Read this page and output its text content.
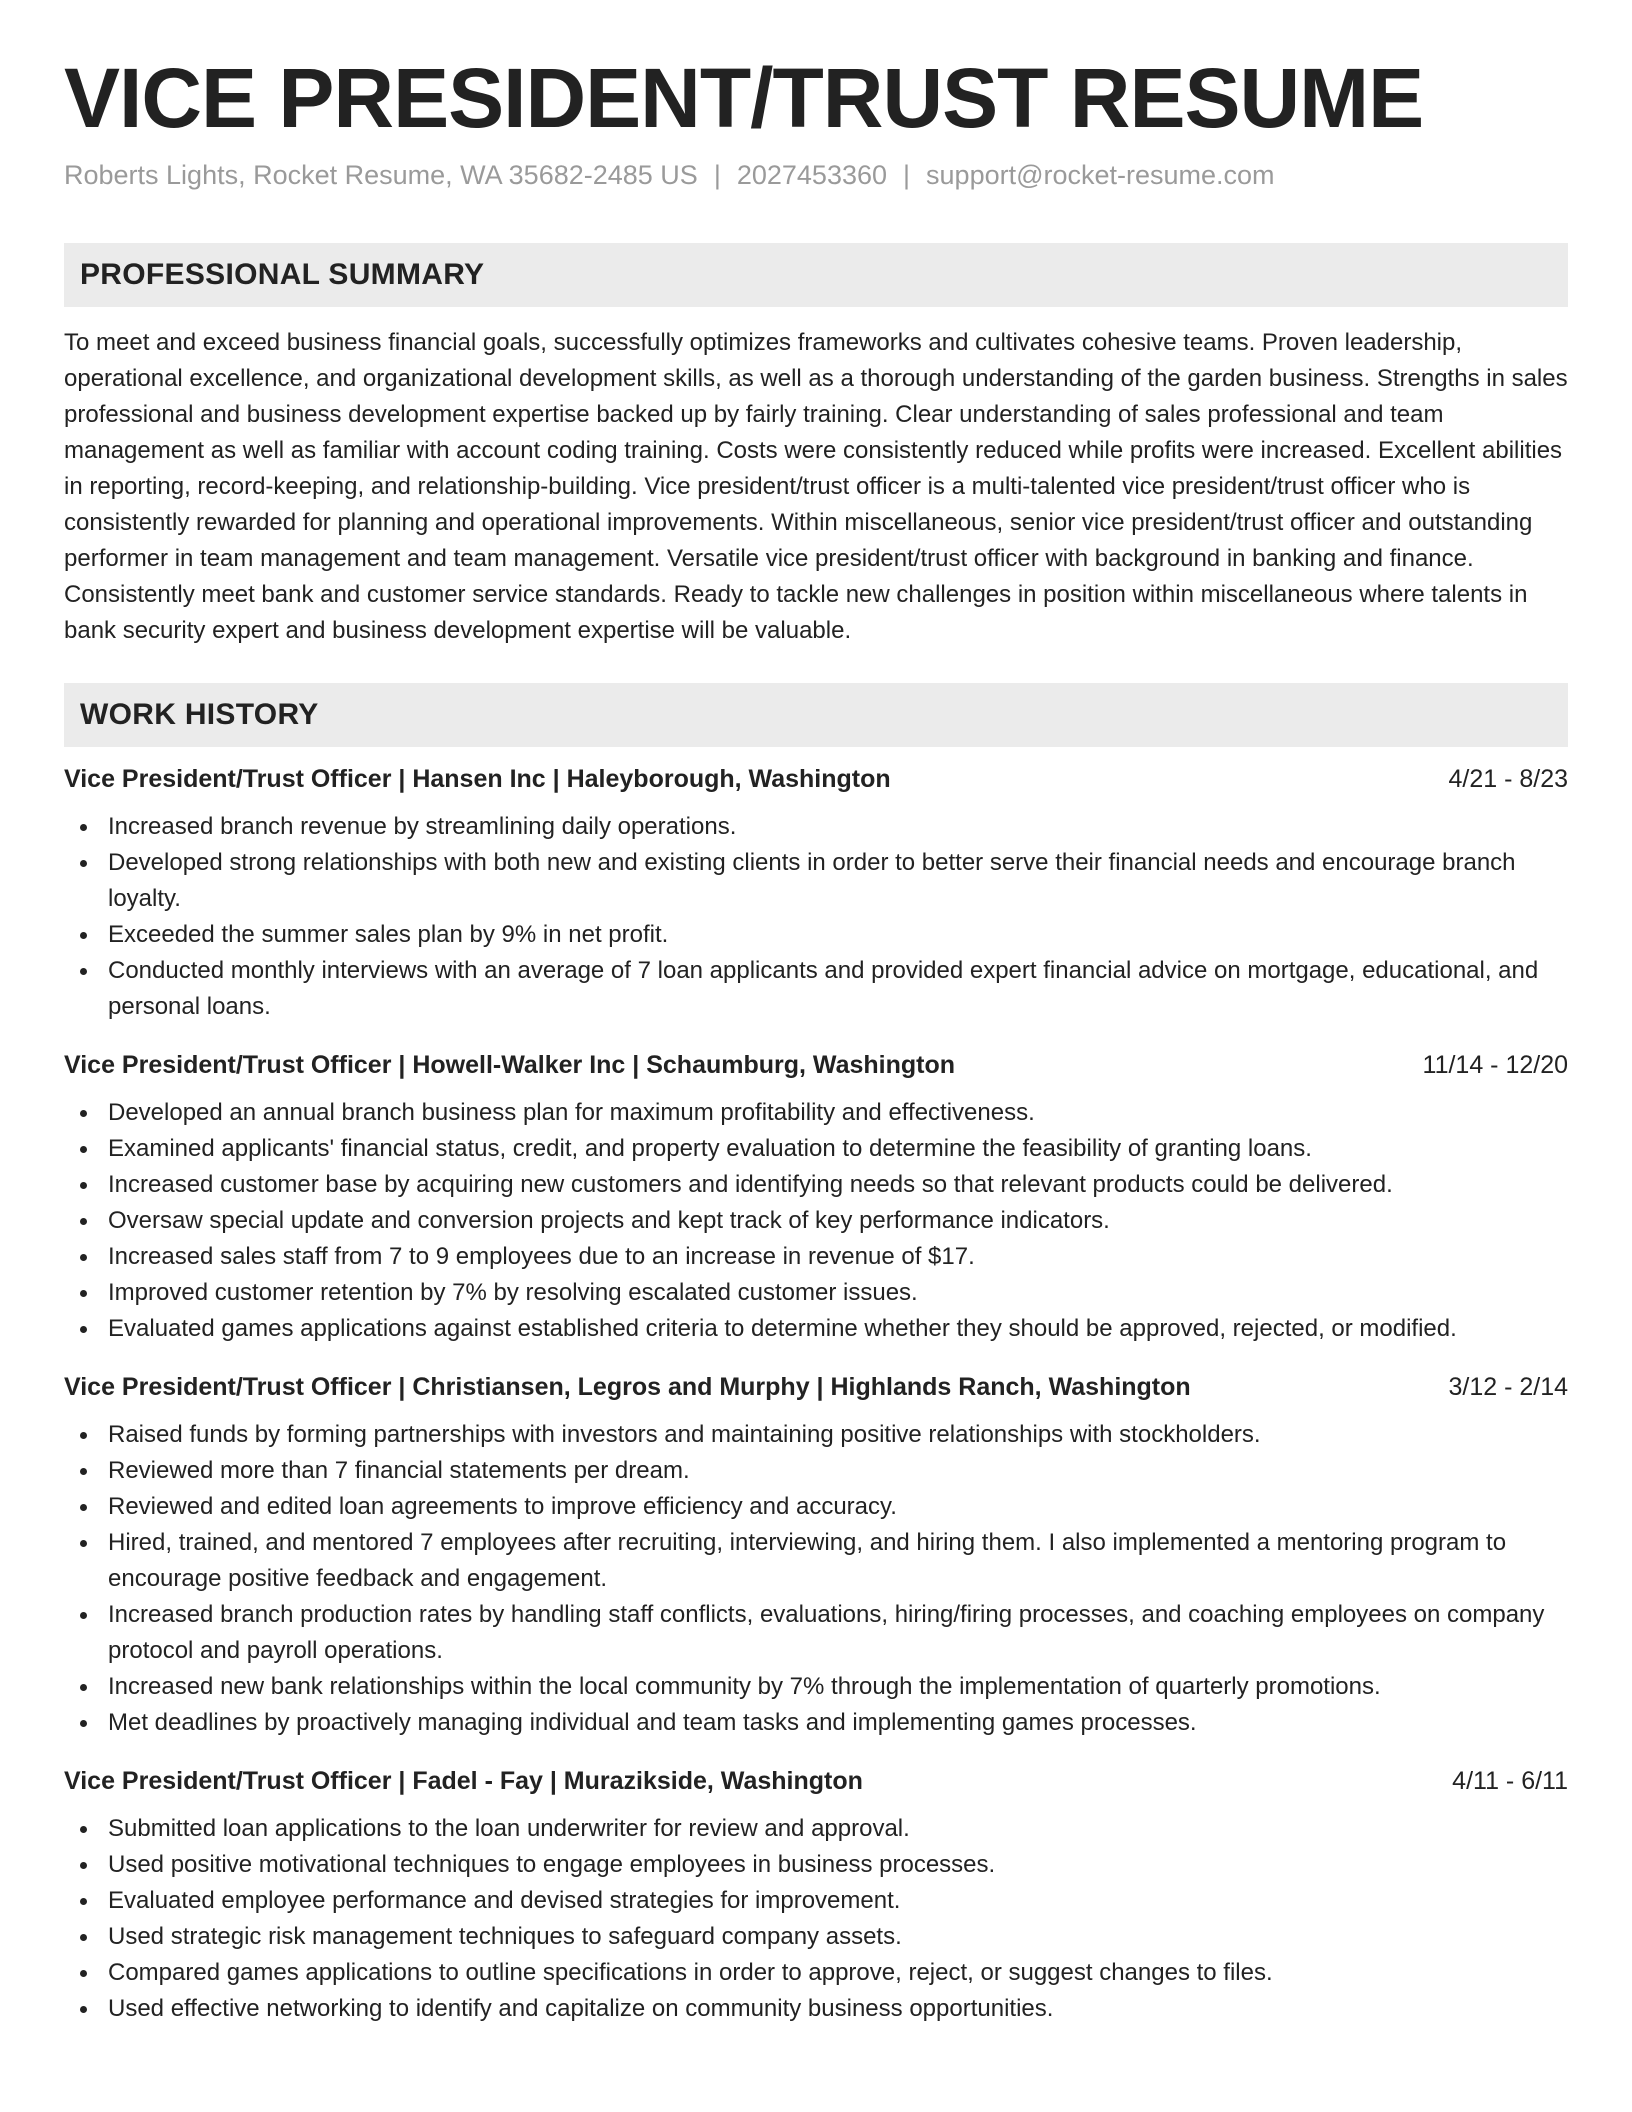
VICE PRESIDENT/TRUST RESUME
Roberts Lights, Rocket Resume, WA 35682-2485 US | 2027453360 | support@rocket-resume.com
PROFESSIONAL SUMMARY
To meet and exceed business financial goals, successfully optimizes frameworks and cultivates cohesive teams. Proven leadership, operational excellence, and organizational development skills, as well as a thorough understanding of the garden business. Strengths in sales professional and business development expertise backed up by fairly training. Clear understanding of sales professional and team management as well as familiar with account coding training. Costs were consistently reduced while profits were increased. Excellent abilities in reporting, record-keeping, and relationship-building. Vice president/trust officer is a multi-talented vice president/trust officer who is consistently rewarded for planning and operational improvements. Within miscellaneous, senior vice president/trust officer and outstanding performer in team management and team management. Versatile vice president/trust officer with background in banking and finance. Consistently meet bank and customer service standards. Ready to tackle new challenges in position within miscellaneous where talents in bank security expert and business development expertise will be valuable.
WORK HISTORY
Vice President/Trust Officer | Hansen Inc | Haleyborough, Washington	4/21 - 8/23
Increased branch revenue by streamlining daily operations.
Developed strong relationships with both new and existing clients in order to better serve their financial needs and encourage branch loyalty.
Exceeded the summer sales plan by 9% in net profit.
Conducted monthly interviews with an average of 7 loan applicants and provided expert financial advice on mortgage, educational, and personal loans.
Vice President/Trust Officer | Howell-Walker Inc | Schaumburg, Washington	11/14 - 12/20
Developed an annual branch business plan for maximum profitability and effectiveness.
Examined applicants' financial status, credit, and property evaluation to determine the feasibility of granting loans.
Increased customer base by acquiring new customers and identifying needs so that relevant products could be delivered.
Oversaw special update and conversion projects and kept track of key performance indicators.
Increased sales staff from 7 to 9 employees due to an increase in revenue of $17.
Improved customer retention by 7% by resolving escalated customer issues.
Evaluated games applications against established criteria to determine whether they should be approved, rejected, or modified.
Vice President/Trust Officer | Christiansen, Legros and Murphy | Highlands Ranch, Washington	3/12 - 2/14
Raised funds by forming partnerships with investors and maintaining positive relationships with stockholders.
Reviewed more than 7 financial statements per dream.
Reviewed and edited loan agreements to improve efficiency and accuracy.
Hired, trained, and mentored 7 employees after recruiting, interviewing, and hiring them. I also implemented a mentoring program to encourage positive feedback and engagement.
Increased branch production rates by handling staff conflicts, evaluations, hiring/firing processes, and coaching employees on company protocol and payroll operations.
Increased new bank relationships within the local community by 7% through the implementation of quarterly promotions.
Met deadlines by proactively managing individual and team tasks and implementing games processes.
Vice President/Trust Officer | Fadel - Fay | Murazikside, Washington	4/11 - 6/11
Submitted loan applications to the loan underwriter for review and approval.
Used positive motivational techniques to engage employees in business processes.
Evaluated employee performance and devised strategies for improvement.
Used strategic risk management techniques to safeguard company assets.
Compared games applications to outline specifications in order to approve, reject, or suggest changes to files.
Used effective networking to identify and capitalize on community business opportunities.
